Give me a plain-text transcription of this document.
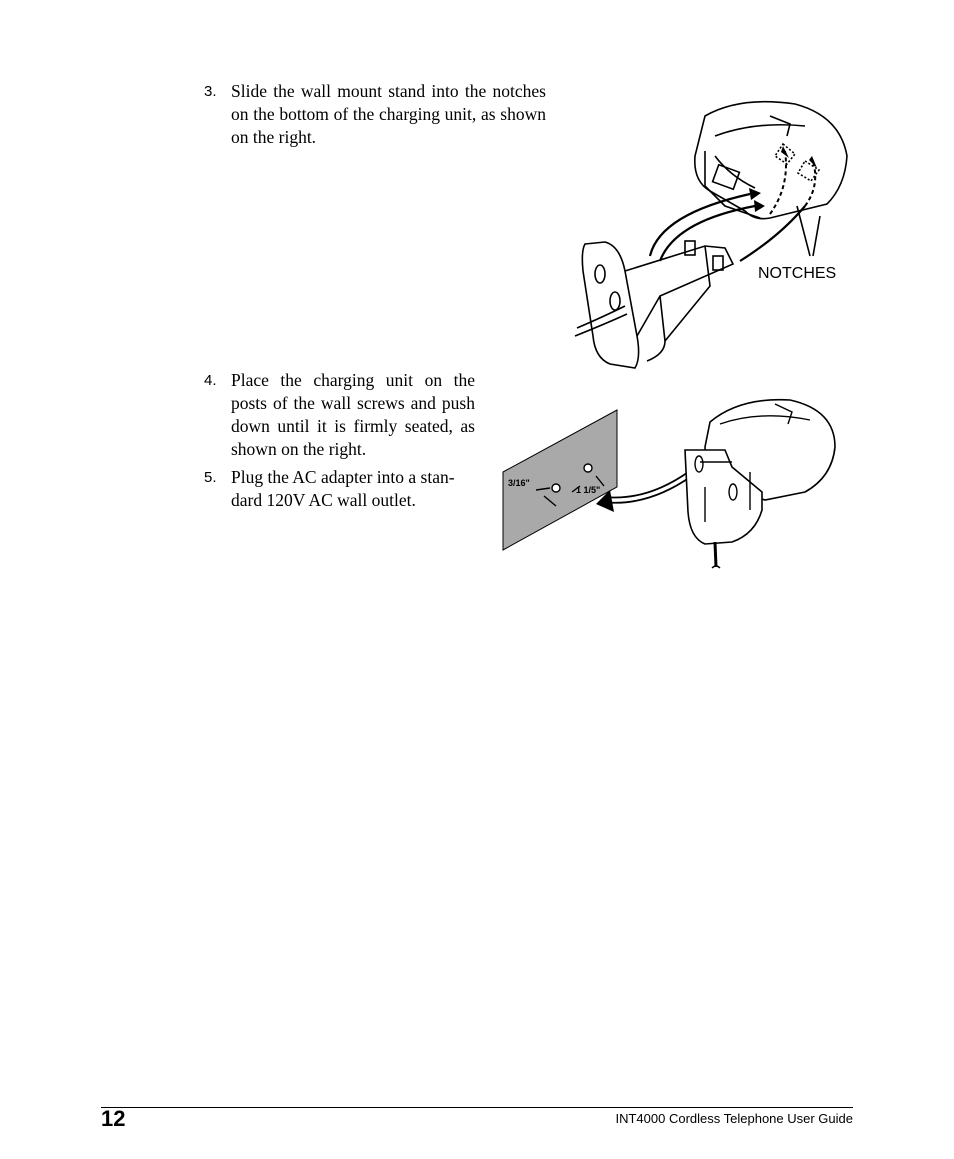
3. Slide the wall mount stand into the notches on the bottom of the charging unit, as shown on the right.
4. Place the charging unit on the posts of the wall screws and push down until it is firmly seated, as shown on the right.
5. Plug the AC adapter into a stan-dard 120V AC wall outlet.
NOTCHES
3/16"
1 1/5"
12	INT4000 Cordless Telephone User Guide
